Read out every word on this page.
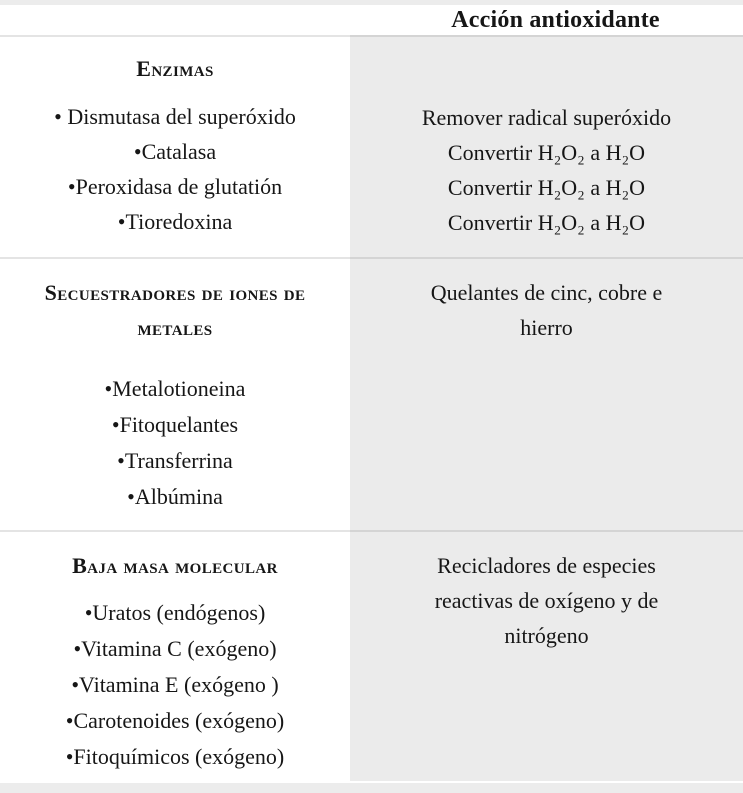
Acción antioxidante
Enzimas
• Dismutasa del superóxido
•Catalasa
•Peroxidasa de glutatión
•Tioredoxina
Remover radical superóxido
Convertir H₂O₂ a H₂O
Convertir H₂O₂ a H₂O
Convertir H₂O₂ a H₂O
Secuestradores de iones de
metales
•Metalotioneina
•Fitoquelantes
•Transferrina
•Albúmina
Quelantes de cinc, cobre e
hierro
Baja masa molecular
•Uratos (endógenos)
•Vitamina C (exógeno)
•Vitamina E (exógeno )
•Carotenoides (exógeno)
•Fitoquímicos (exógeno)
Recicladores de especies
reactivas de oxígeno y de
nitrógeno
